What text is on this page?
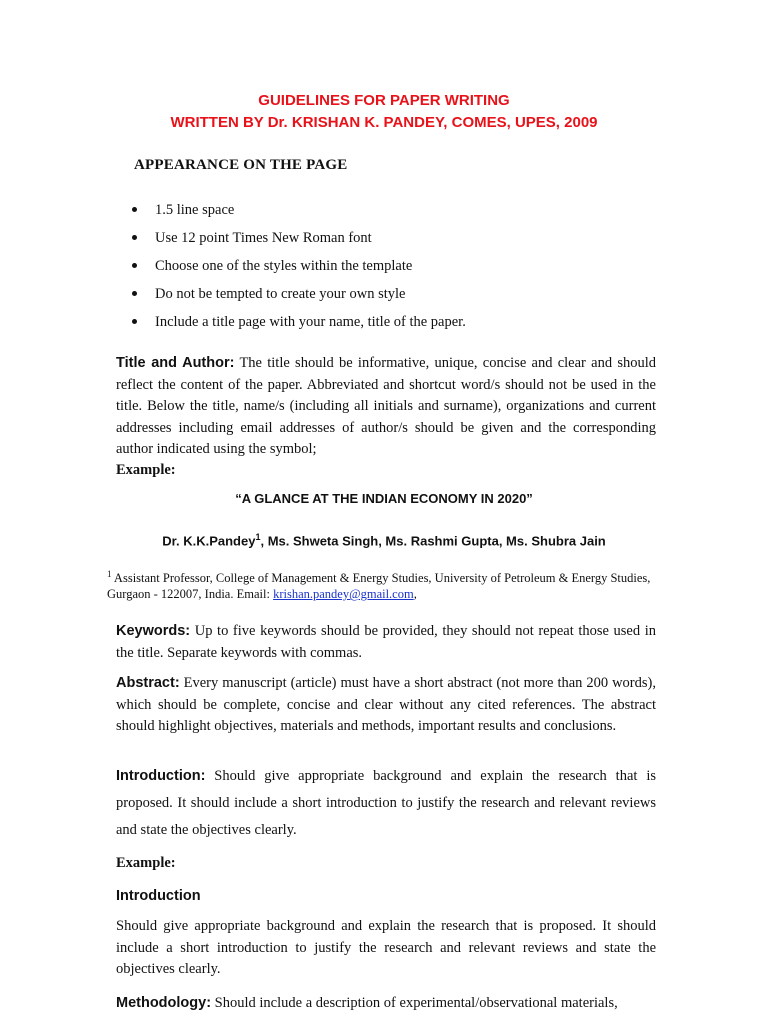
GUIDELINES FOR PAPER WRITING
WRITTEN BY Dr. KRISHAN K. PANDEY, COMES, UPES, 2009
APPEARANCE ON THE PAGE
1.5 line space
Use 12 point Times New Roman font
Choose one of the styles within the template
Do not be tempted to create your own style
Include a title page with your name, title of the paper.

Title and Author: The title should be informative, unique, concise and clear and should reflect the content of the paper. Abbreviated and shortcut word/s should not be used in the title. Below the title, name/s (including all initials and surname), organizations and current addresses including email addresses of author/s should be given and the corresponding author indicated using the symbol;

Example:
“A GLANCE AT THE INDIAN ECONOMY IN 2020”
Dr. K.K.Pandey$^1$, Ms. Shweta Singh, Ms. Rashmi Gupta, Ms. Shubra Jain

$^1$ Assistant Professor, College of Management & Energy Studies, University of Petroleum & Energy Studies, Gurgaon - 122007, India. Email: krishan.pandey@gmail.com,

Keywords: Up to five keywords should be provided, they should not repeat those used in the title. Separate keywords with commas.

Abstract: Every manuscript (article) must have a short abstract (not more than 200 words), which should be complete, concise and clear without any cited references. The abstract should highlight objectives, materials and methods, important results and conclusions.

Introduction: Should give appropriate background and explain the research that is proposed. It should include a short introduction to justify the research and relevant reviews and state the objectives clearly.

Example:
Introduction

Should give appropriate background and explain the research that is proposed. It should include a short introduction to justify the research and relevant reviews and state the objectives clearly.

Methodology: Should include a description of experimental/observational materials,
